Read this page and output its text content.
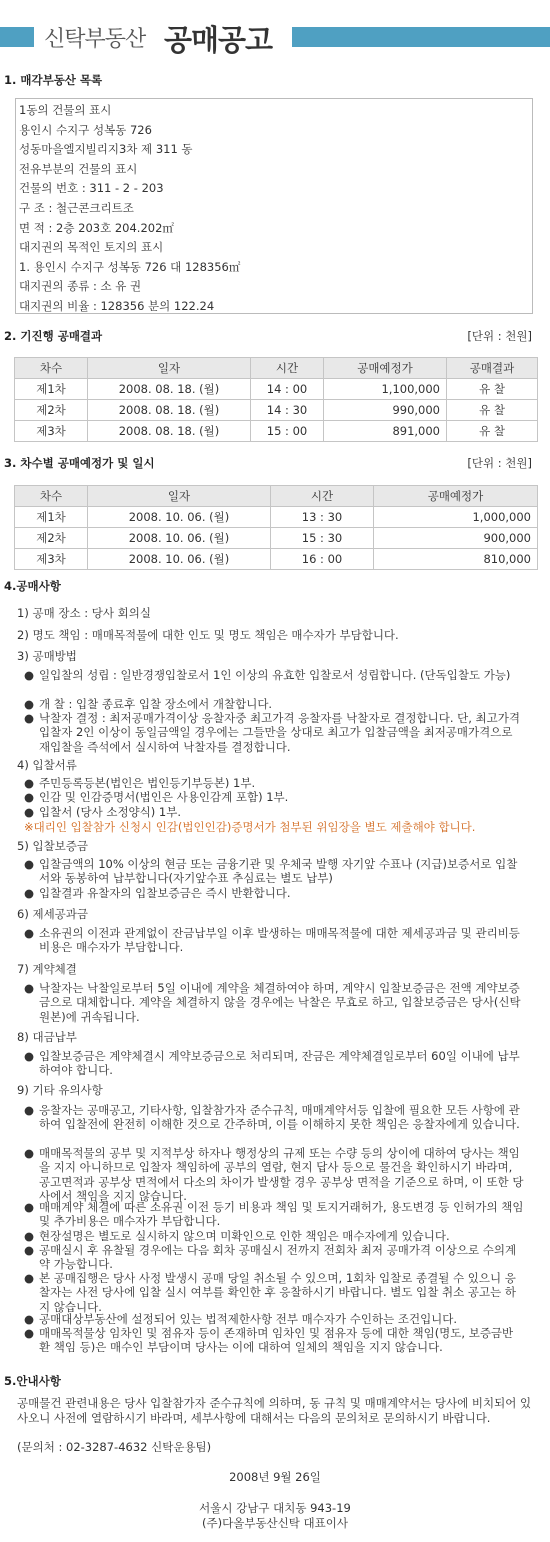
신탁부동산 공매공고
1. 매각부동산 목록
1동의 건물의 표시
용인시 수지구 성복동 726
성동마을엘지빌리지3차 제 311 동
전유부분의 건물의 표시
건물의 번호 : 311 - 2 - 203
구 조 : 철근콘크리트조
면 적 : 2층 203호 204.202㎡
대지권의 목적인 토지의 표시
1. 용인시 수지구 성복동 726 대 128356㎡
대지권의 종류 : 소 유 권
대지권의 비율 : 128356 분의 122.24
2. 기진행 공매결과	[단위 : 천원]
차수	일자	시간	공매예정가	공매결과
제1차	2008. 08. 18. (월)	14 : 00	1,100,000	유 찰
제2차	2008. 08. 18. (월)	14 : 30	990,000	유 찰
제3차	2008. 08. 18. (월)	15 : 00	891,000	유 찰
3. 차수별 공매예정가 및 일시	[단위 : 천원]
차수	일자	시간	공매예정가
제1차	2008. 10. 06. (월)	13 : 30	1,000,000
제2차	2008. 10. 06. (월)	15 : 30	900,000
제3차	2008. 10. 06. (월)	16 : 00	810,000
4.공매사항
1) 공매 장소 : 당사 회의실
2) 명도 책임 : 매매목적물에 대한 인도 및 명도 책임은 매수자가 부담합니다.
3) 공매방법
● 일입찰의 성립 : 일반경쟁입찰로서 1인 이상의 유효한 입찰로서 성립합니다. (단독입찰도 가능)
● 개 찰 : 입찰 종료후 입찰 장소에서 개찰합니다.
● 낙찰자 결정 : 최저공매가격이상 응찰자중 최고가격 응찰자를 낙찰자로 결정합니다. 단, 최고가격 입찰자 2인 이상이 동일금액일 경우에는 그들만을 상대로 최고가 입찰금액을 최저공매가격으로 재입찰을 즉석에서 실시하여 낙찰자를 결정합니다.
4) 입찰서류
● 주민등록등본(법인은 법인등기부등본) 1부.
● 인감 및 인감증명서(법인은 사용인감계 포함) 1부.
● 입찰서 (당사 소정양식) 1부.
※대리인 입찰참가 신청시 인감(법인인감)증명서가 첨부된 위임장을 별도 제출해야 합니다.
5) 입찰보증금
● 입찰금액의 10% 이상의 현금 또는 금융기관 및 우체국 발행 자기앞 수표나 (지급)보증서로 입찰서와 동봉하여 납부합니다(자기앞수표 추심료는 별도 납부)
● 입찰결과 유찰자의 입찰보증금은 즉시 반환합니다.
6) 제세공과금
● 소유권의 이전과 관계없이 잔금납부일 이후 발생하는 매매목적물에 대한 제세공과금 및 관리비등 비용은 매수자가 부담합니다.
7) 계약체결
● 낙찰자는 낙찰일로부터 5일 이내에 계약을 체결하여야 하며, 계약시 입찰보증금은 전액 계약보증금으로 대체합니다. 계약을 체결하지 않을 경우에는 낙찰은 무효로 하고, 입찰보증금은 당사(신탁원본)에 귀속됩니다.
8) 대금납부
● 입찰보증금은 계약체결시 계약보증금으로 처리되며, 잔금은 계약체결일로부터 60일 이내에 납부하여야 합니다.
9) 기타 유의사항
● 응찰자는 공매공고, 기타사항, 입찰참가자 준수규칙, 매매계약서등 입찰에 필요한 모든 사항에 관하여 입찰전에 완전히 이해한 것으로 간주하며, 이를 이해하지 못한 책임은 응찰자에게 있습니다.
● 매매목적물의 공부 및 지적부상 하자나 행정상의 규제 또는 수량 등의 상이에 대하여 당사는 책임을 지지 아니하므로 입찰자 책임하에 공부의 열람, 현지 답사 등으로 물건을 확인하시기 바라며, 공고면적과 공부상 면적에서 다소의 차이가 발생할 경우 공부상 면적을 기준으로 하며, 이 또한 당사에서 책임을 지지 않습니다.
● 매매계약 체결에 따른 소유권 이전 등기 비용과 책임 및 토지거래허가, 용도변경 등 인허가의 책임 및 추가비용은 매수자가 부담합니다.
● 현장설명은 별도로 실시하지 않으며 미확인으로 인한 책임은 매수자에게 있습니다.
● 공매실시 후 유찰될 경우에는 다음 회차 공매실시 전까지 전회차 최저 공매가격 이상으로 수의계약 가능합니다.
● 본 공매집행은 당사 사정 발생시 공매 당일 취소될 수 있으며, 1회차 입찰로 종결될 수 있으니 응찰자는 사전 당사에 입찰 실시 여부를 확인한 후 응찰하시기 바랍니다. 별도 입찰 취소 공고는 하지 않습니다.
● 공매대상부동산에 설정되어 있는 법적제한사항 전부 매수자가 수인하는 조건입니다.
● 매매목적물상 임차인 및 점유자 등이 존재하며 임차인 및 점유자 등에 대한 책임(명도, 보증금반환 책임 등)은 매수인 부담이며 당사는 이에 대하여 일체의 책임을 지지 않습니다.
5.안내사항
공매물건 관련내용은 당사 입찰참가자 준수규칙에 의하며, 동 규칙 및 매매계약서는 당사에 비치되어 있사오니 사전에 열람하시기 바라며, 세부사항에 대해서는 다음의 문의처로 문의하시기 바랍니다.
(문의처 : 02-3287-4632 신탁운용팀)
2008년 9월 26일
서울시 강남구 대치동 943-19
(주)다올부동산신탁 대표이사
